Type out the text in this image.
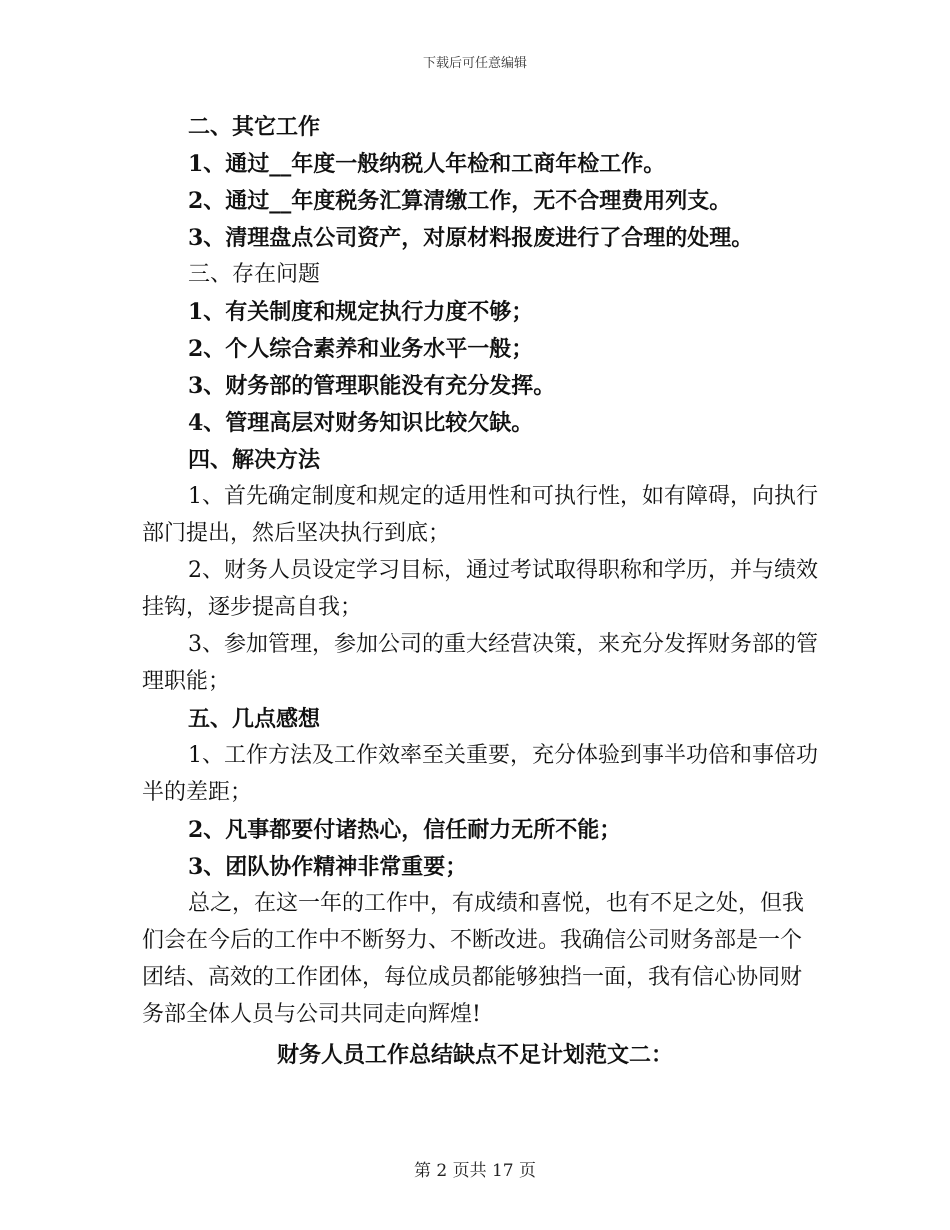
下载后可任意编辑
二、其它工作
1、通过__年度一般纳税人年检和工商年检工作。
2、通过__年度税务汇算清缴工作，无不合理费用列支。
3、清理盘点公司资产，对原材料报废进行了合理的处理。
三、存在问题
1、有关制度和规定执行力度不够；
2、个人综合素养和业务水平一般；
3、财务部的管理职能没有充分发挥。
4、管理高层对财务知识比较欠缺。
四、解决方法
1、首先确定制度和规定的适用性和可执行性，如有障碍，向执行
部门提出，然后坚决执行到底；
2、财务人员设定学习目标，通过考试取得职称和学历，并与绩效
挂钩，逐步提高自我；
3、参加管理，参加公司的重大经营决策，来充分发挥财务部的管
理职能；
五、几点感想
1、工作方法及工作效率至关重要，充分体验到事半功倍和事倍功
半的差距；
2、凡事都要付诸热心，信任耐力无所不能；
3、团队协作精神非常重要；
总之，在这一年的工作中，有成绩和喜悦，也有不足之处，但我
们会在今后的工作中不断努力、不断改进。我确信公司财务部是一个
团结、高效的工作团体，每位成员都能够独挡一面，我有信心协同财
务部全体人员与公司共同走向辉煌!
财务人员工作总结缺点不足计划范文二：
第 2 页共 17 页
